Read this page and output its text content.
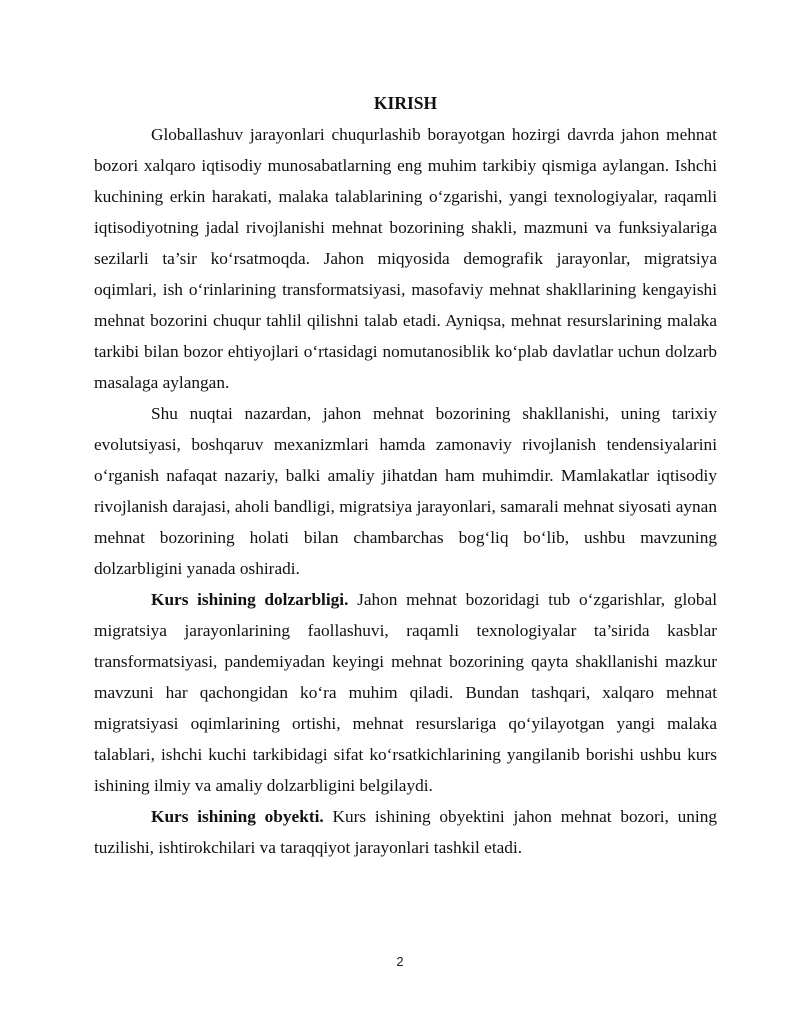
KIRISH

Globallashuv jarayonlari chuqurlashib borayotgan hozirgi davrda jahon mehnat bozori xalqaro iqtisodiy munosabatlarning eng muhim tarkibiy qismiga aylangan. Ishchi kuchining erkin harakati, malaka talablarining o‘zgarishi, yangi texnologiyalar, raqamli iqtisodiyotning jadal rivojlanishi mehnat bozorining shakli, mazmuni va funksiyalariga sezilarli ta’sir ko‘rsatmoqda. Jahon miqyosida demografik jarayonlar, migratsiya oqimlari, ish o‘rinlarining transformatsiyasi, masofaviy mehnat shakllarining kengayishi mehnat bozorini chuqur tahlil qilishni talab etadi. Ayniqsa, mehnat resurslarining malaka tarkibi bilan bozor ehtiyojlari o‘rtasidagi nomutanosiblik ko‘plab davlatlar uchun dolzarb masalaga aylangan.

Shu nuqtai nazardan, jahon mehnat bozorining shakllanishi, uning tarixiy evolutsiyasi, boshqaruv mexanizmlari hamda zamonaviy rivojlanish tendensiyalarini o‘rganish nafaqat nazariy, balki amaliy jihatdan ham muhimdir. Mamlakatlar iqtisodiy rivojlanish darajasi, aholi bandligi, migratsiya jarayonlari, samarali mehnat siyosati aynan mehnat bozorining holati bilan chambarchas bog‘liq bo‘lib, ushbu mavzuning dolzarbligini yanada oshiradi.

Kurs ishining dolzarbligi. Jahon mehnat bozoridagi tub o‘zgarishlar, global migratsiya jarayonlarining faollashuvi, raqamli texnologiyalar ta’sirida kasblar transformatsiyasi, pandemiyadan keyingi mehnat bozorining qayta shakllanishi mazkur mavzuni har qachongidan ko‘ra muhim qiladi. Bundan tashqari, xalqaro mehnat migratsiyasi oqimlarining ortishi, mehnat resurslariga qo‘yilayotgan yangi malaka talablari, ishchi kuchi tarkibidagi sifat ko‘rsatkichlarining yangilanib borishi ushbu kurs ishining ilmiy va amaliy dolzarbligini belgilaydi.

Kurs ishining obyekti. Kurs ishining obyektini jahon mehnat bozori, uning tuzilishi, ishtirokchilari va taraqqiyot jarayonlari tashkil etadi.

2
